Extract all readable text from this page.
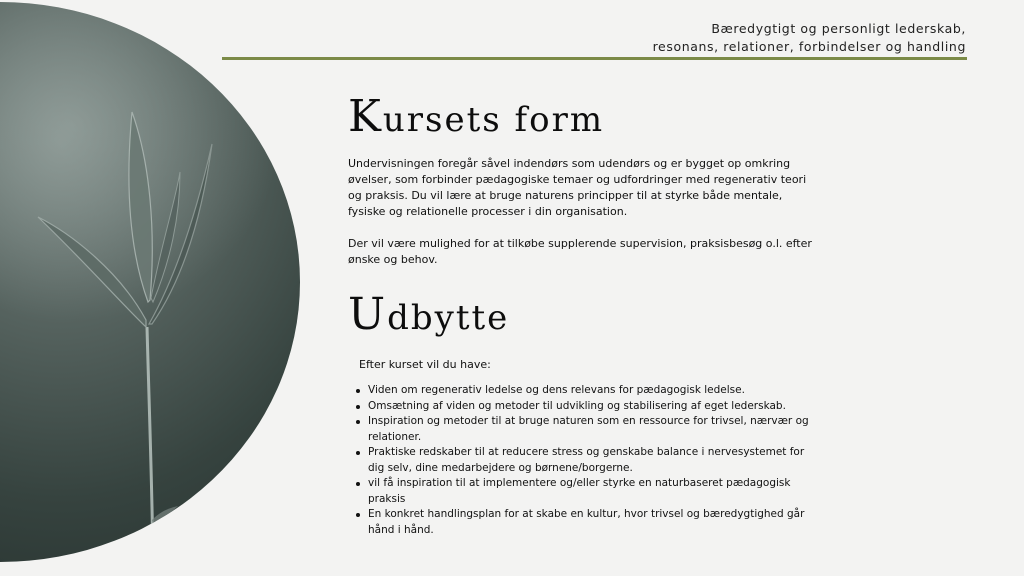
Bæredygtigt og personligt lederskab,
resonans, relationer, forbindelser og handling
Kursets form

Undervisningen foregår såvel indendørs som udendørs og er bygget op omkring øvelser, som forbinder pædagogiske temaer og udfordringer med regenerativ teori og praksis. Du vil lære at bruge naturens principper til at styrke både mentale, fysiske og relationelle processer i din organisation.

Der vil være mulighed for at tilkøbe supplerende supervision, praksisbesøg o.l. efter ønske og behov.

Udbytte

Efter kurset vil du have:

Viden om regenerativ ledelse og dens relevans for pædagogisk ledelse.
Omsætning af viden og metoder til udvikling og stabilisering af eget lederskab.
Inspiration og metoder til at bruge naturen som en ressource for trivsel, nærvær og relationer.
Praktiske redskaber til at reducere stress og genskabe balance i nervesystemet for dig selv, dine medarbejdere og børnene/borgerne.
vil få inspiration til at implementere og/eller styrke en naturbaseret pædagogisk praksis
En konkret handlingsplan for at skabe en kultur, hvor trivsel og bæredygtighed går hånd i hånd.
